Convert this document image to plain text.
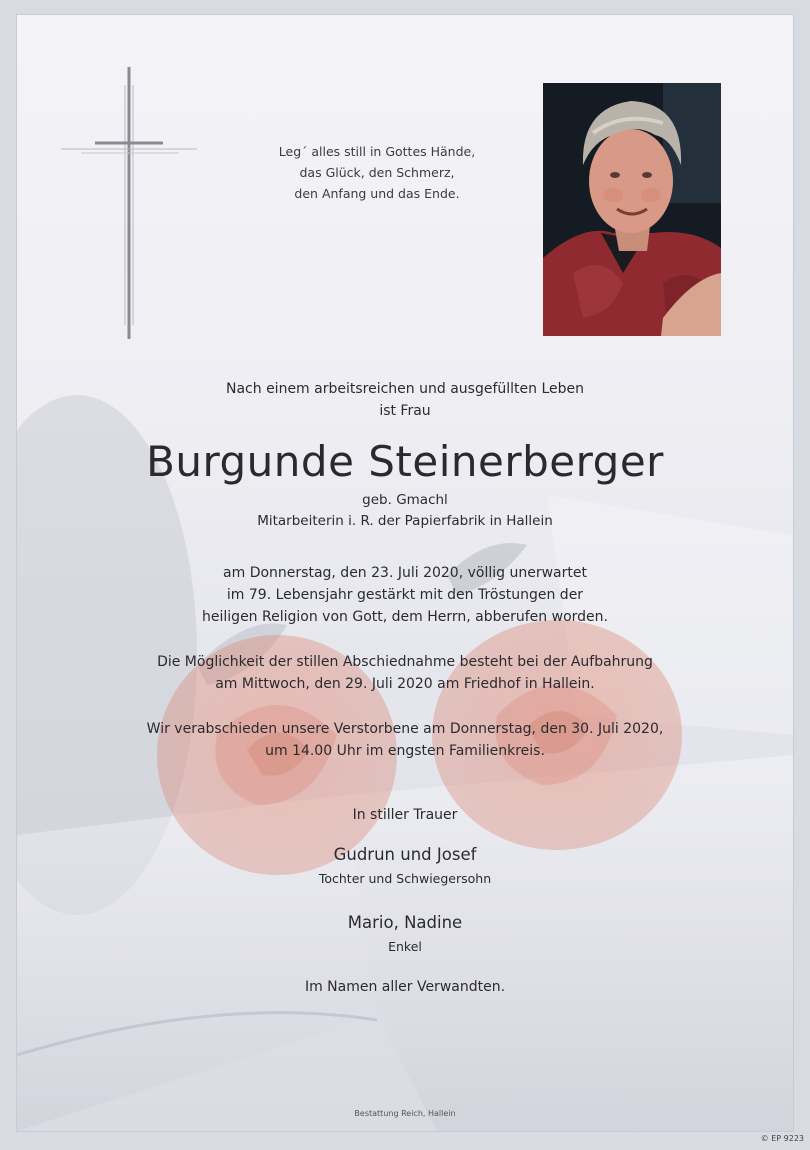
Leg´ alles still in Gottes Hände,
das Glück, den Schmerz,
den Anfang und das Ende.
Nach einem arbeitsreichen und ausgefüllten Leben
ist Frau
Burgunde Steinerberger
geb. Gmachl
Mitarbeiterin i. R. der Papierfabrik in Hallein
am Donnerstag, den 23. Juli 2020, völlig unerwartet
im 79. Lebensjahr gestärkt mit den Tröstungen der
heiligen Religion von Gott, dem Herrn, abberufen worden.
Die Möglichkeit der stillen Abschiednahme besteht bei der Aufbahrung
am Mittwoch, den 29. Juli 2020 am Friedhof in Hallein.
Wir verabschieden unsere Verstorbene am Donnerstag, den 30. Juli 2020,
um 14.00 Uhr im engsten Familienkreis.
In stiller Trauer
Gudrun und Josef
Tochter und Schwiegersohn
Mario, Nadine
Enkel
Im Namen aller Verwandten.
Bestattung Reich, Hallein
© EP 9223
